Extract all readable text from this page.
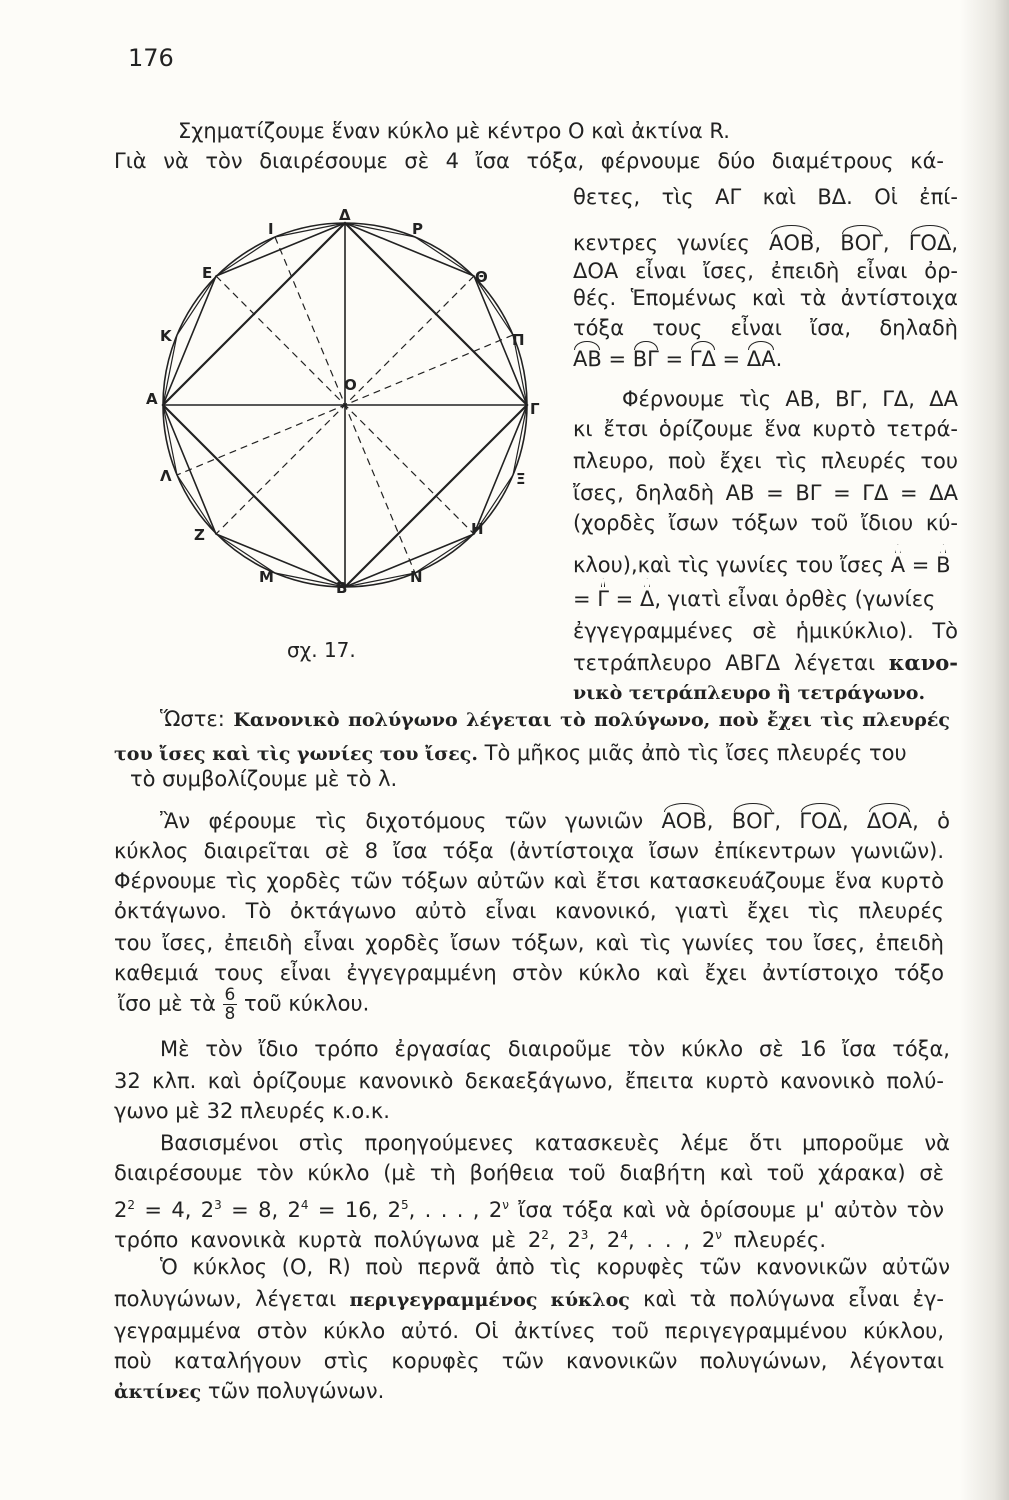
176
Σχηματίζουμε ἕναν κύκλο μὲ κέντρο Ο καὶ ἀκτίνα R.
Γιὰ νὰ τὸν διαιρέσουμε σὲ 4 ἴσα τόξα, φέρνουμε δύο διαμέτρους κά-
Δ
I	P
E	Θ
K	Π
A
Γ
Λ	Ξ
Z	H
M
B
N
O
σχ. 17.
θετες, τὶς ΑΓ καὶ ΒΔ. Οἱ ἐπί-
κεντρες γωνίες ΑΟΒ, ΒΟΓ, ΓΟΔ,
ΔΟΑ εἶναι ἴσες, ἐπειδὴ εἶναι ὀρ-
θές. Ἑπομένως καὶ τὰ ἀντίστοιχα
τόξα τους εἶναι ἴσα, δηλαδὴ
ΑΒ = ΒΓ = ΓΔ = ΔΑ.
Φέρνουμε τὶς ΑΒ, ΒΓ, ΓΔ, ΔΑ
κι ἔτσι ὁρίζουμε ἕνα κυρτὸ τετρά-
πλευρο, ποὺ ἔχει τὶς πλευρές του
ἴσες, δηλαδὴ ΑΒ = ΒΓ = ΓΔ = ΔΑ
(χορδὲς ἴσων τόξων τοῦ ἴδιου κύ-
κλου),καὶ τὶς γωνίες του ἴσες Α = Β
= Γ = Δ, γιατὶ εἶναι ὀρθὲς (γωνίες
ἐγγεγραμμένες σὲ ἡμικύκλιο). Τὸ
τετράπλευρο ΑΒΓΔ λέγεται κανο-
νικὸ τετράπλευρο ἢ τετράγωνο.
Ὥστε: Κανονικὸ πολύγωνο λέγεται τὸ πολύγωνο, ποὺ ἔχει τὶς πλευρές
του ἴσες καὶ τὶς γωνίες του ἴσες. Τὸ μῆκος μιᾶς ἀπὸ τὶς ἴσες πλευρές του
τὸ συμβολίζουμε μὲ τὸ λ.
Ἂν φέρουμε τὶς διχοτόμους τῶν γωνιῶν ΑΟΒ, ΒΟΓ, ΓΟΔ, ΔΟΑ, ὁ
κύκλος διαιρεῖται σὲ 8 ἴσα τόξα (ἀντίστοιχα ἴσων ἐπίκεντρων γωνιῶν).
Φέρνουμε τὶς χορδὲς τῶν τόξων αὐτῶν καὶ ἔτσι κατασκευάζουμε ἕνα κυρτὸ
ὀκτάγωνο. Τὸ ὀκτάγωνο αὐτὸ εἶναι κανονικό, γιατὶ ἔχει τὶς πλευρές
του ἴσες, ἐπειδὴ εἶναι χορδὲς ἴσων τόξων, καὶ τὶς γωνίες του ἴσες, ἐπειδὴ
καθεμιά τους εἶναι ἐγγεγραμμένη στὸν κύκλο καὶ ἔχει ἀντίστοιχο τόξο
ἴσο μὲ τὰ $\frac{6}{8}$ τοῦ κύκλου.
Μὲ τὸν ἴδιο τρόπο ἐργασίας διαιροῦμε τὸν κύκλο σὲ 16 ἴσα τόξα,
32 κλπ. καὶ ὁρίζουμε κανονικὸ δεκαεξάγωνο, ἔπειτα κυρτὸ κανονικὸ πολύ-
γωνο μὲ 32 πλευρές κ.ο.κ.
Βασισμένοι στὶς προηγούμενες κατασκευὲς λέμε ὅτι μποροῦμε νὰ
διαιρέσουμε τὸν κύκλο (μὲ τὴ βοήθεια τοῦ διαβήτη καὶ τοῦ χάρακα) σὲ
$2^2 = 4$, $2^3 = 8$, $2^4 = 16$, $2^5$, . . . , $2^\nu$ ἴσα τόξα καὶ νὰ ὁρίσουμε μ' αὐτὸν τὸν
τρόπο κανονικὰ κυρτὰ πολύγωνα μὲ $2^2$, $2^3$, $2^4$, . . , $2^\nu$ πλευρές.
Ὁ κύκλος (Ο, R) ποὺ περνᾶ ἀπὸ τὶς κορυφὲς τῶν κανονικῶν αὐτῶν
πολυγώνων, λέγεται περιγεγραμμένος κύκλος καὶ τὰ πολύγωνα εἶναι ἐγ-
γεγραμμένα στὸν κύκλο αὐτό. Οἱ ἀκτίνες τοῦ περιγεγραμμένου κύκλου,
ποὺ καταλήγουν στὶς κορυφὲς τῶν κανονικῶν πολυγώνων, λέγονται
ἀκτίνες τῶν πολυγώνων.
